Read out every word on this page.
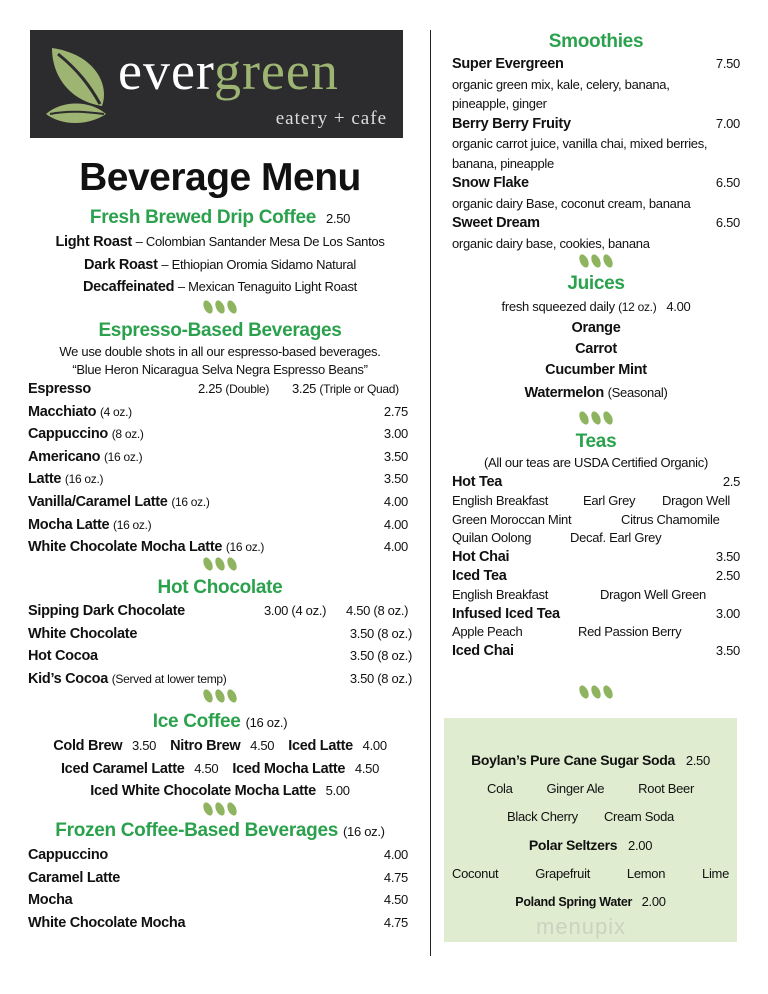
evergreen
eatery + cafe
Beverage Menu
Fresh Brewed Drip Coffee 2.50
Light Roast – Colombian Santander Mesa De Los Santos
Dark Roast – Ethiopian Oromia Sidamo Natural
Decaffeinated – Mexican Tenaguito Light Roast
Espresso-Based Beverages
We use double shots in all our espresso-based beverages.
“Blue Heron Nicaragua Selva Negra Espresso Beans”
Espresso	2.25 (Double)	3.25 (Triple or Quad)
Macchiato (4 oz.)	2.75
Cappuccino (8 oz.)	3.00
Americano (16 oz.)	3.50
Latte (16 oz.)	3.50
Vanilla/Caramel Latte (16 oz.)	4.00
Mocha Latte (16 oz.)	4.00
White Chocolate Mocha Latte (16 oz.)	4.00
Hot Chocolate
Sipping Dark Chocolate	3.00 (4 oz.)	4.50 (8 oz.)
White Chocolate	3.50 (8 oz.)
Hot Cocoa	3.50 (8 oz.)
Kid’s Cocoa (Served at lower temp)	3.50 (8 oz.)
Ice Coffee (16 oz.)
Cold Brew 3.50 Nitro Brew 4.50 Iced Latte 4.00
Iced Caramel Latte 4.50 Iced Mocha Latte 4.50
Iced White Chocolate Mocha Latte 5.00
Frozen Coffee-Based Beverages (16 oz.)
Cappuccino	4.00
Caramel Latte	4.75
Mocha	4.50
White Chocolate Mocha	4.75
Smoothies
Super Evergreen	7.50
organic green mix, kale, celery, banana,
pineapple, ginger
Berry Berry Fruity	7.00
organic carrot juice, vanilla chai, mixed berries,
banana, pineapple
Snow Flake	6.50
organic dairy Base, coconut cream, banana
Sweet Dream	6.50
organic dairy base, cookies, banana
Juices
fresh squeezed daily (12 oz.) 4.00
Orange
Carrot
Cucumber Mint
Watermelon
(Seasonal)
Teas
(All our teas are USDA Certified Organic)
Hot Tea	2.5
English Breakfast	Earl Grey Dragon Well
Green Moroccan Mint	Citrus Chamomile
Quilan Oolong	Decaf. Earl Grey
Hot Chai	3.50
Iced Tea	2.50
English Breakfast	Dragon Well Green
Infused Iced Tea	3.00
Apple Peach	Red Passion Berry
Iced Chai	3.50
Boylan’s Pure Cane Sugar Soda 2.50
Cola	Ginger Ale	Root Beer
Black Cherry Cream Soda
Polar Seltzers 2.00
Coconut	Grapefruit	Lemon	Lime
Poland Spring Water 2.00
menupix
